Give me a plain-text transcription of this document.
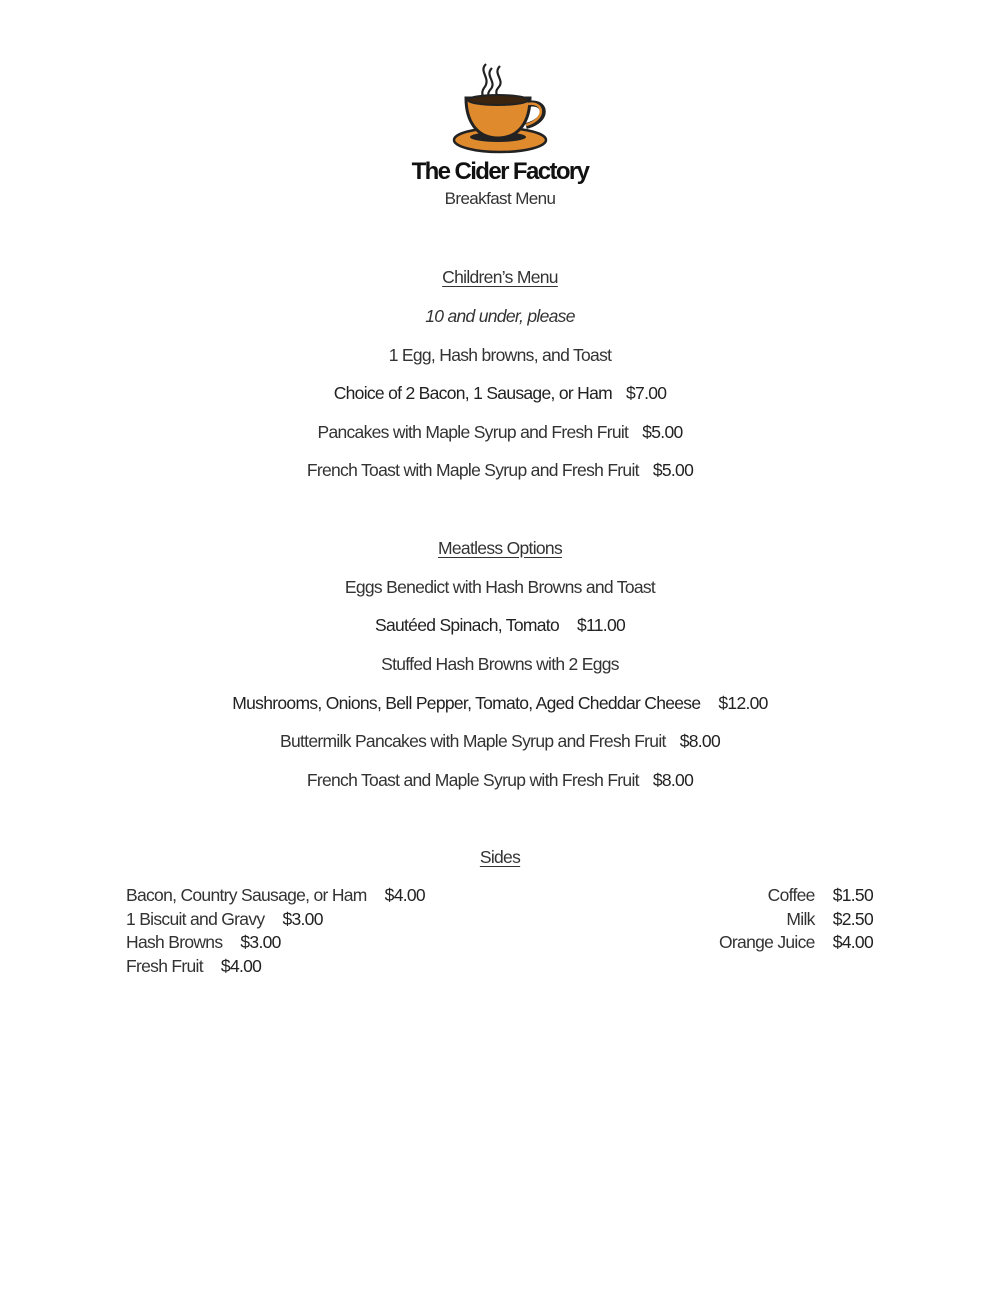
The Cider Factory
Breakfast Menu
Children’s Menu
10 and under, please
1 Egg, Hash browns, and Toast
Choice of 2 Bacon, 1 Sausage, or Ham $7.00
Pancakes with Maple Syrup and Fresh Fruit $5.00
French Toast with Maple Syrup and Fresh Fruit $5.00
Meatless Options
Eggs Benedict with Hash Browns and Toast
Sautéed Spinach, Tomato $11.00
Stuffed Hash Browns with 2 Eggs
Mushrooms, Onions, Bell Pepper, Tomato, Aged Cheddar Cheese $12.00
Buttermilk Pancakes with Maple Syrup and Fresh Fruit $8.00
French Toast and Maple Syrup with Fresh Fruit $8.00
Sides
Bacon, Country Sausage, or Ham $4.00
1 Biscuit and Gravy $3.00
Hash Browns $3.00
Fresh Fruit $4.00
Coffee $1.50
Milk $2.50
Orange Juice $4.00
